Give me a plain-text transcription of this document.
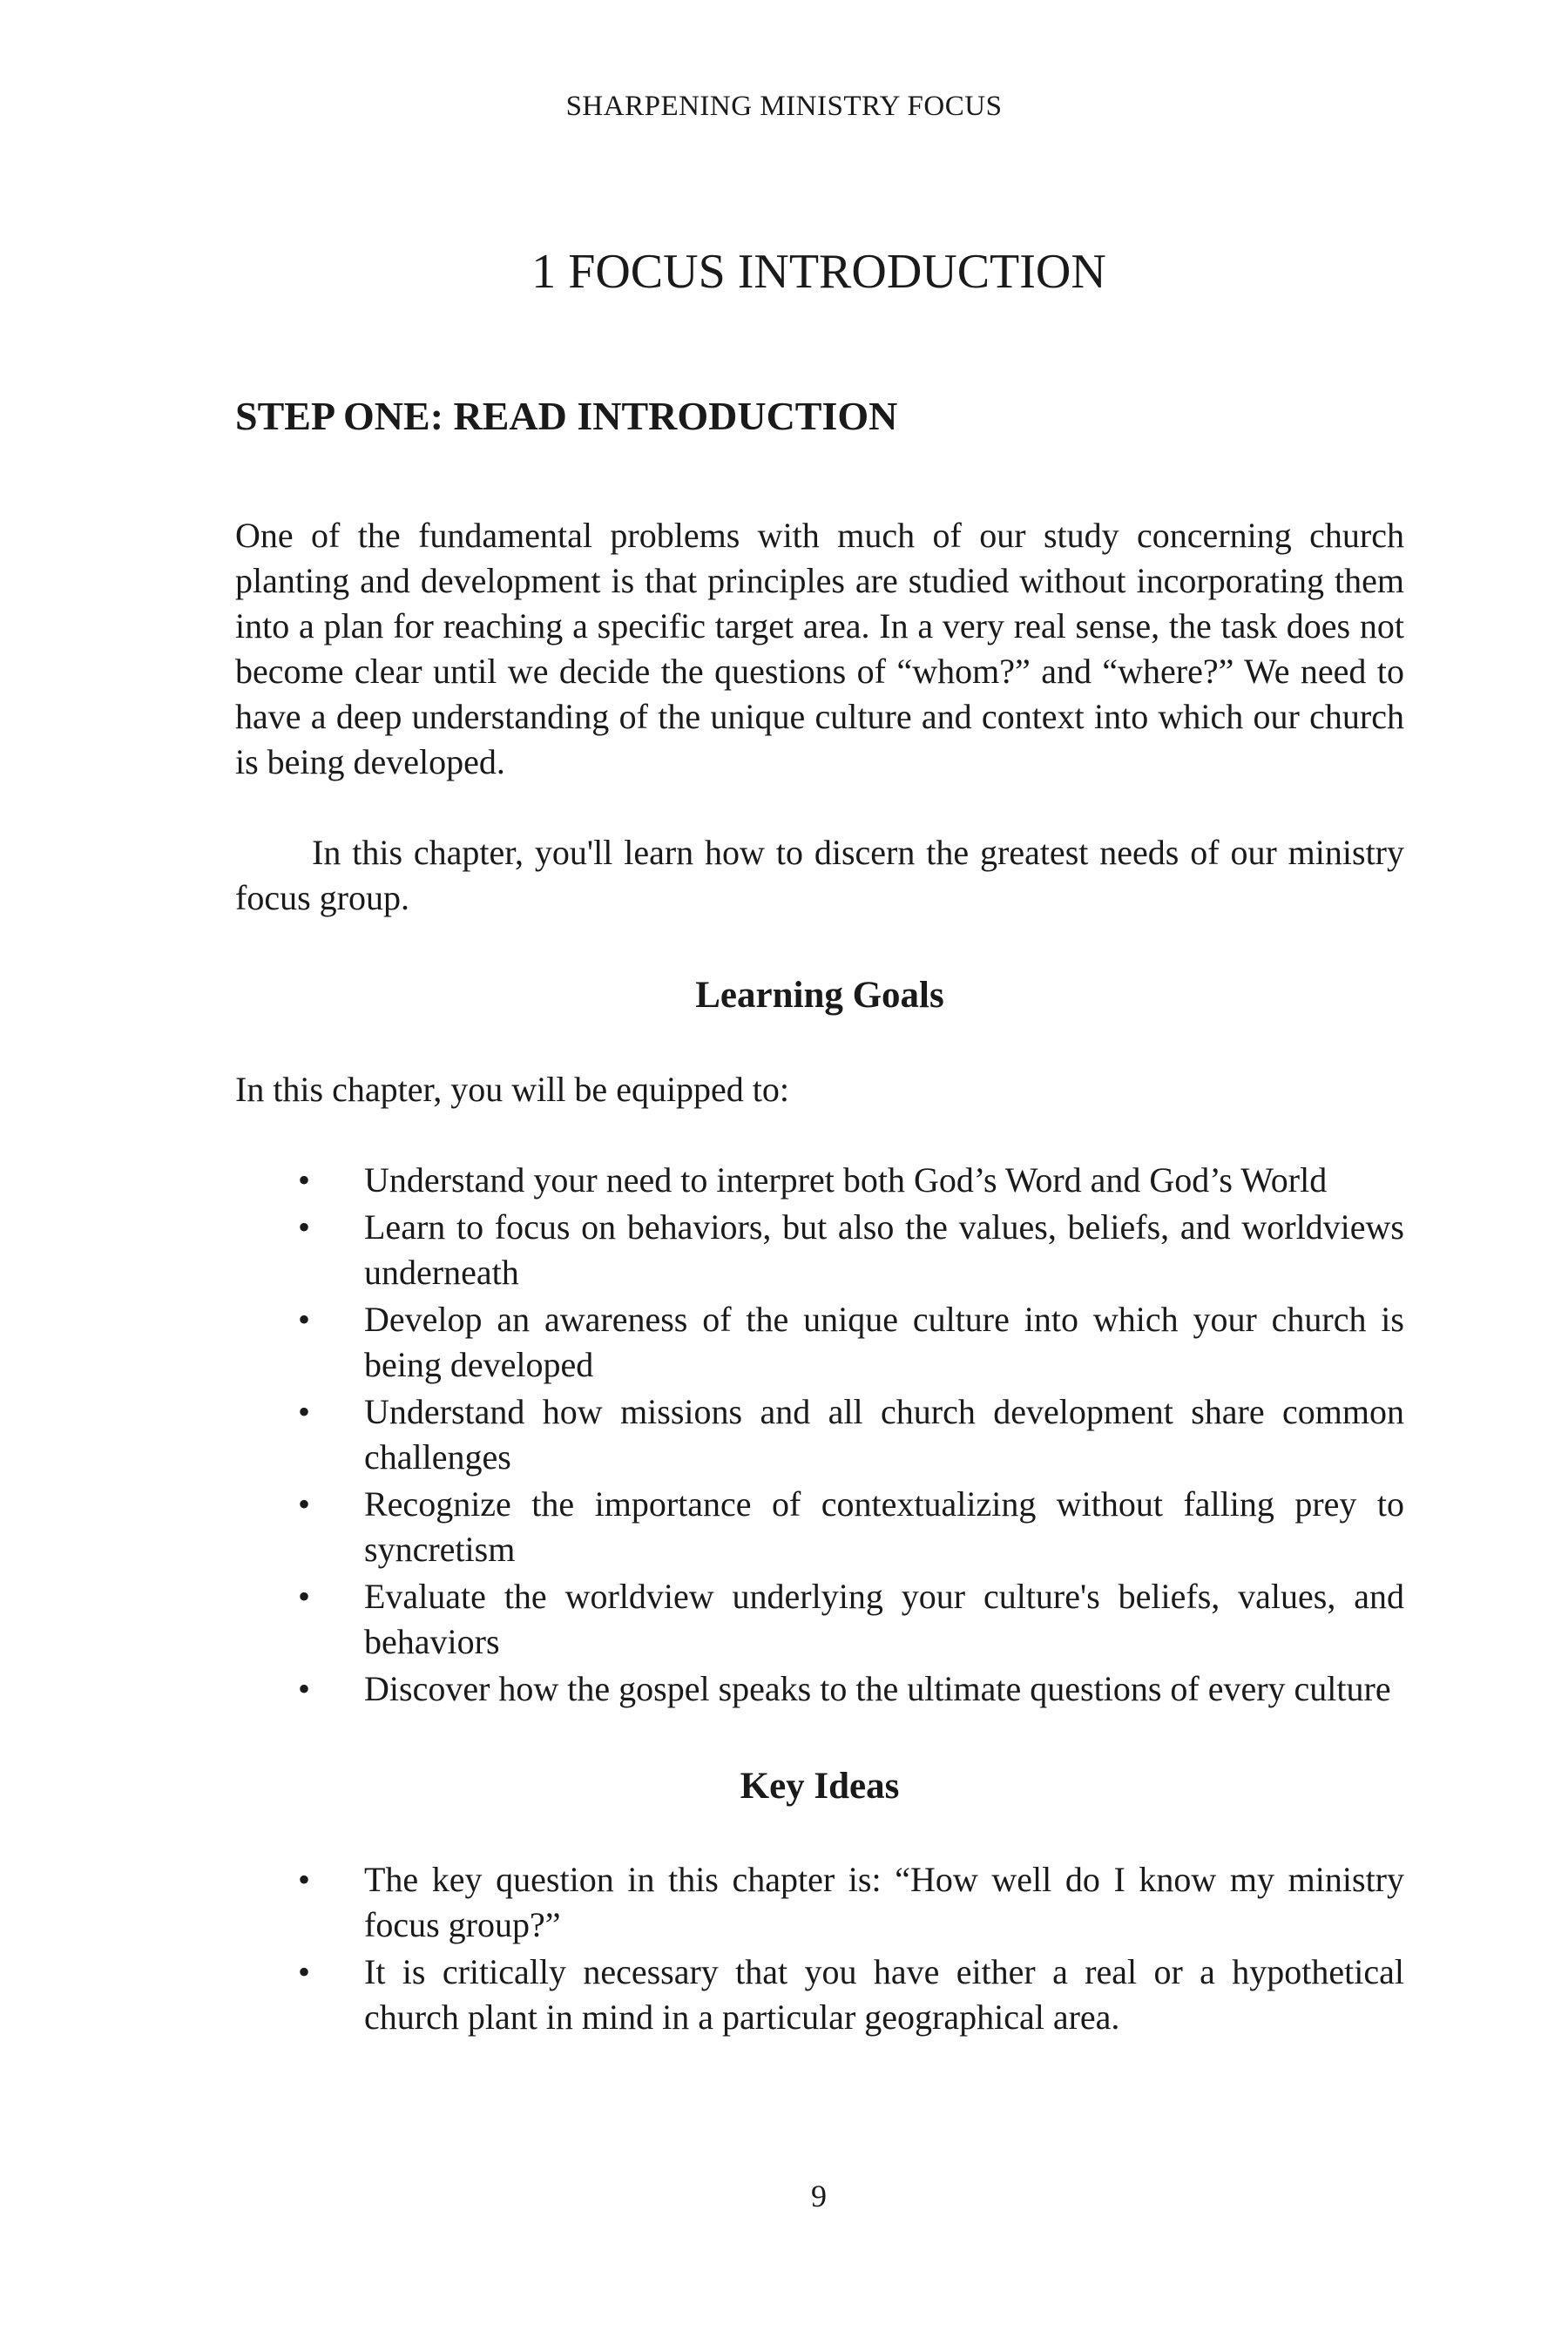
SHARPENING MINISTRY FOCUS
1 FOCUS INTRODUCTION
STEP ONE: READ INTRODUCTION

One of the fundamental problems with much of our study concerning church planting and development is that principles are studied without incorporating them into a plan for reaching a specific target area. In a very real sense, the task does not become clear until we decide the questions of “whom?” and “where?” We need to have a deep understanding of the unique culture and context into which our church is being developed.

In this chapter, you'll learn how to discern the greatest needs of our ministry focus group.

Learning Goals

In this chapter, you will be equipped to:

• Understand your need to interpret both God’s Word and God’s World
• Learn to focus on behaviors, but also the values, beliefs, and worldviews underneath
• Develop an awareness of the unique culture into which your church is being developed
• Understand how missions and all church development share common challenges
• Recognize the importance of contextualizing without falling prey to syncretism
• Evaluate the worldview underlying your culture's beliefs, values, and behaviors
• Discover how the gospel speaks to the ultimate questions of every culture
Key Ideas
• The key question in this chapter is: “How well do I know my ministry focus group?”
• It is critically necessary that you have either a real or a hypothetical church plant in mind in a particular geographical area.
9
